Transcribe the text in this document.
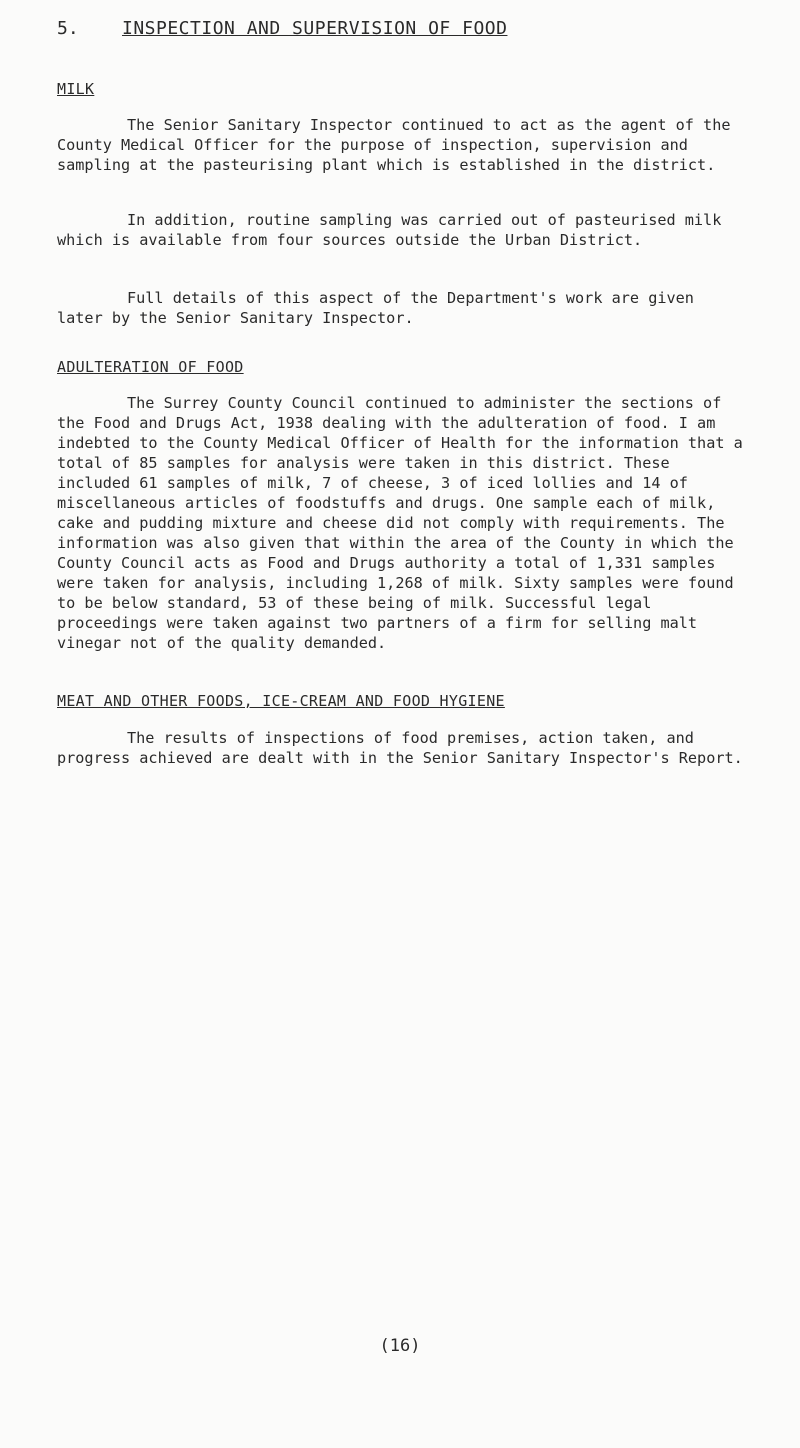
5. INSPECTION AND SUPERVISION OF FOOD
MILK

The Senior Sanitary Inspector continued to act as the agent of the County Medical Officer for the purpose of inspection, supervision and sampling at the pasteurising plant which is established in the district.

In addition, routine sampling was carried out of pasteurised milk which is available from four sources outside the Urban District.

Full details of this aspect of the Department's work are given later by the Senior Sanitary Inspector.

ADULTERATION OF FOOD

The Surrey County Council continued to administer the sections of the Food and Drugs Act, 1938 dealing with the adulteration of food. I am indebted to the County Medical Officer of Health for the information that a total of 85 samples for analysis were taken in this district. These included 61 samples of milk, 7 of cheese, 3 of iced lollies and 14 of miscellaneous articles of foodstuffs and drugs. One sample each of milk, cake and pudding mixture and cheese did not comply with requirements. The information was also given that within the area of the County in which the County Council acts as Food and Drugs authority a total of 1,331 samples were taken for analysis, including 1,268 of milk. Sixty samples were found to be below standard, 53 of these being of milk. Successful legal proceedings were taken against two partners of a firm for selling malt vinegar not of the quality demanded.

MEAT AND OTHER FOODS, ICE-CREAM AND FOOD HYGIENE

The results of inspections of food premises, action taken, and progress achieved are dealt with in the Senior Sanitary Inspector's Report.

(16)
